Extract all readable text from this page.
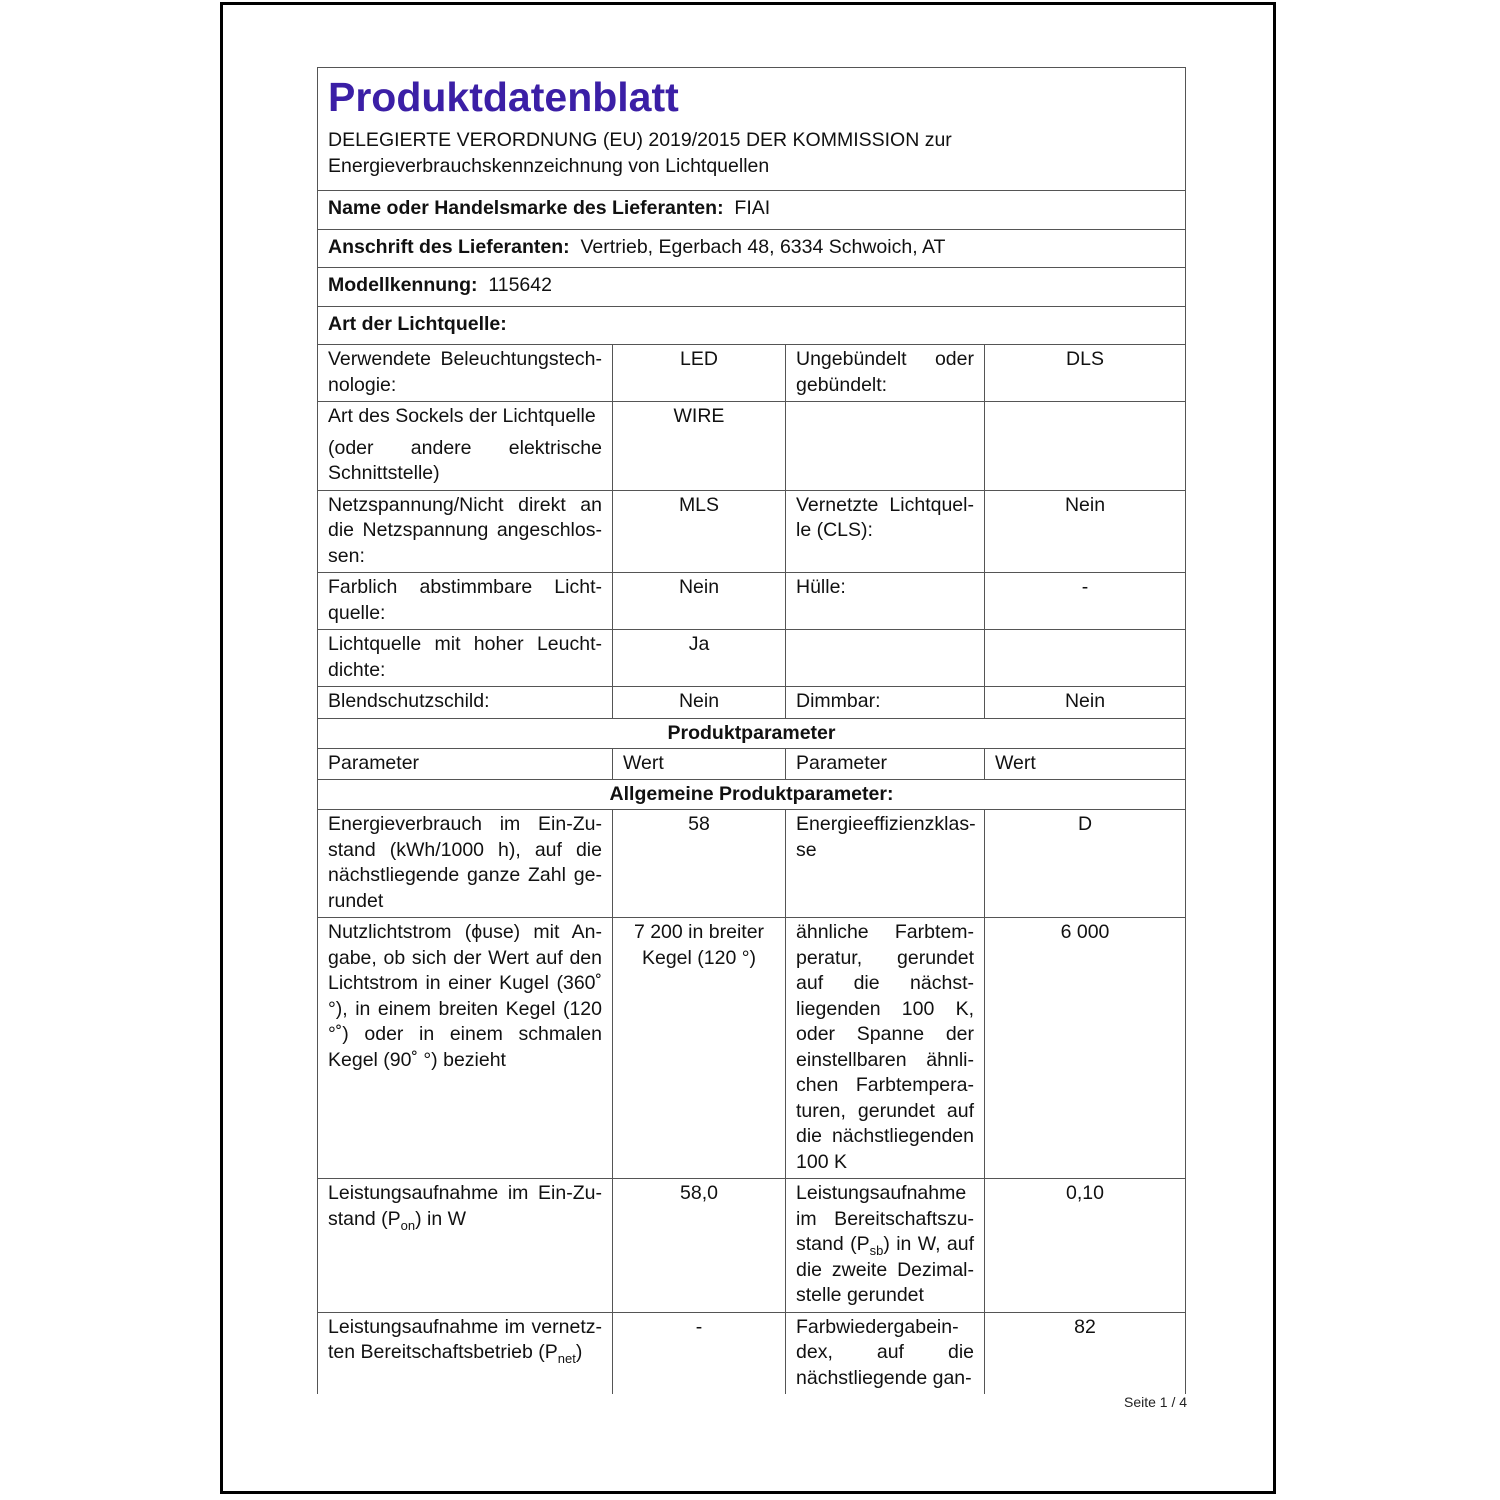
Produktdatenblatt
DELEGIERTE VERORDNUNG (EU) 2019/2015 DER KOMMISSION zur Energieverbrauchskennzeichnung von Lichtquellen			

Name oder Handelsmarke des Lieferanten: FIAI			
Anschrift des Lieferanten: Vertrieb, Egerbach 48, 6334 Schwoich, AT			
Modellkennung: 115642			
Art der Lichtquelle:			
Verwendete Beleuchtungstechnologie:	LED	Ungebündelt oder gebündelt:	DLS

Art des Sockels der Lichtquelle
(oder andere elektrische Schnittstelle)	WIRE		
Netzspannung/Nicht direkt an die Netzspannung angeschlossen:	MLS	Vernetzte Lichtquelle (CLS):	Nein
Farblich abstimmbare Lichtquelle:	Nein	Hülle:	-
Lichtquelle mit hoher Leuchtdichte:	Ja		
Blendschutzschild:	Nein	Dimmbar:	Nein
Produktparameter			
Parameter	Wert	Parameter	Wert
Allgemeine Produktparameter:			
Energieverbrauch im Ein-Zustand (kWh/1000 h), auf die nächstliegende ganze Zahl gerundet	58	Energieeffizienzklasse	D
Nutzlichtstrom (ϕuse) mit Angabe, ob sich der Wert auf den Lichtstrom in einer Kugel (360˚ °), in einem breiten Kegel (120 °˚) oder in einem schmalen Kegel (90˚ °) bezieht	7 200 in breiter Kegel (120 °)	ähnliche Farbtemperatur, gerundet auf die nächstliegenden 100 K, oder Spanne der einstellbaren ähnlichen Farbtemperaturen, gerundet auf die nächstliegenden 100 K	6 000
Leistungsaufnahme im Ein-Zustand $(P_{on})$ in W	58,0	Leistungsaufnahme im Bereitschaftszustand $(P_{sb})$ in W, auf die zweite Dezimalstelle gerundet	0,10
Leistungsaufnahme im vernetzten Bereitschaftsbetrieb $(P_{net})$	-	Farbwiedergabeindex, auf die nächstliegende gan-	82
Seite 1 / 4
